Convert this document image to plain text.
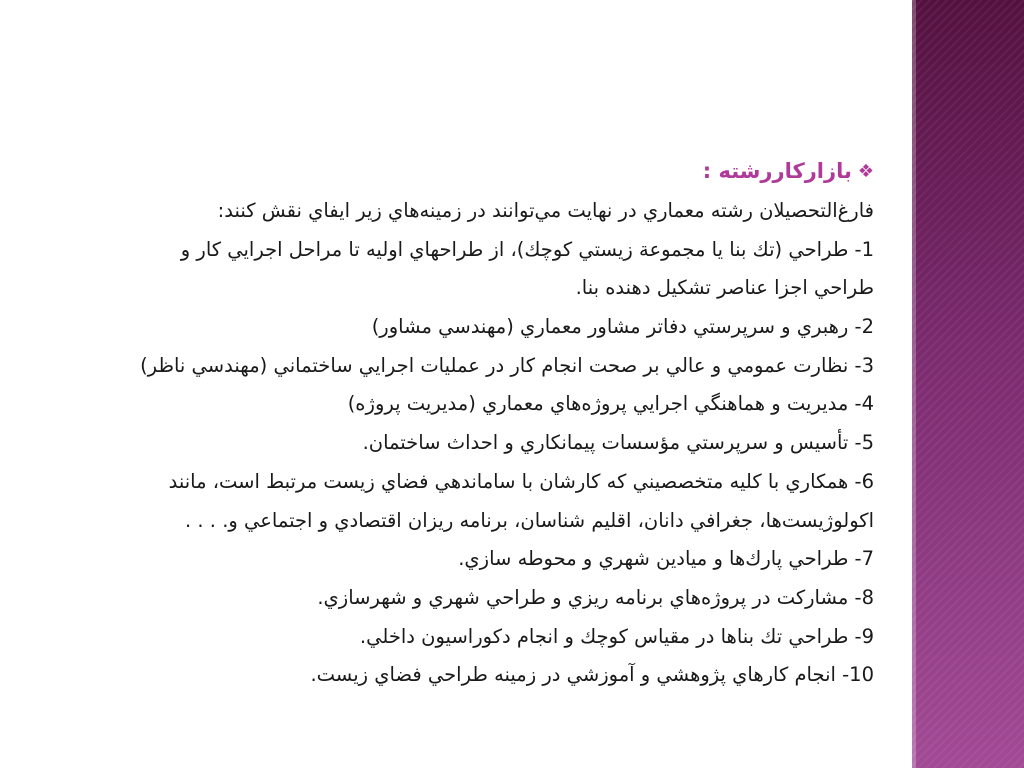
❖
بازاركاررشته :
فارغ‌التحصيلان رشته معماري در نهايت مي‌توانند در زمينه‌هاي زير ايفاي نقش كنند:
1- طراحي (تك بنا يا مجموعة زيستي كوچك)، از طراحهاي اوليه تا مراحل اجرايي كار و
طراحي اجزا عناصر تشكيل دهنده بنا.
2- رهبري و سرپرستي دفاتر مشاور معماري (مهندسي مشاور)
3- نظارت عمومي و عالي بر صحت انجام كار در عمليات اجرايي ساختماني (مهندسي ناظر)
4- مديريت و هماهنگي اجرايي پروژه‌هاي معماري (مديريت پروژه)
5- تأسيس و سرپرستي مؤسسات پيمانكاري و احداث ساختمان.
6- همكاري با كليه متخصصيني كه كارشان با ساماندهي فضاي زيست مرتبط است، مانند
اكولوژيست‌ها، جغرافي دانان، اقليم شناسان، برنامه ريزان اقتصادي و اجتماعي و. . . .
7- طراحي پارك‌ها و ميادين شهري و محوطه سازي.
8- مشاركت در پروژه‌هاي برنامه ريزي و طراحي شهري و شهرسازي.
9- طراحي تك بناها در مقياس كوچك و انجام دكوراسيون داخلي.
10- انجام كارهاي پژوهشي و آموزشي در زمينه طراحي فضاي زيست.
